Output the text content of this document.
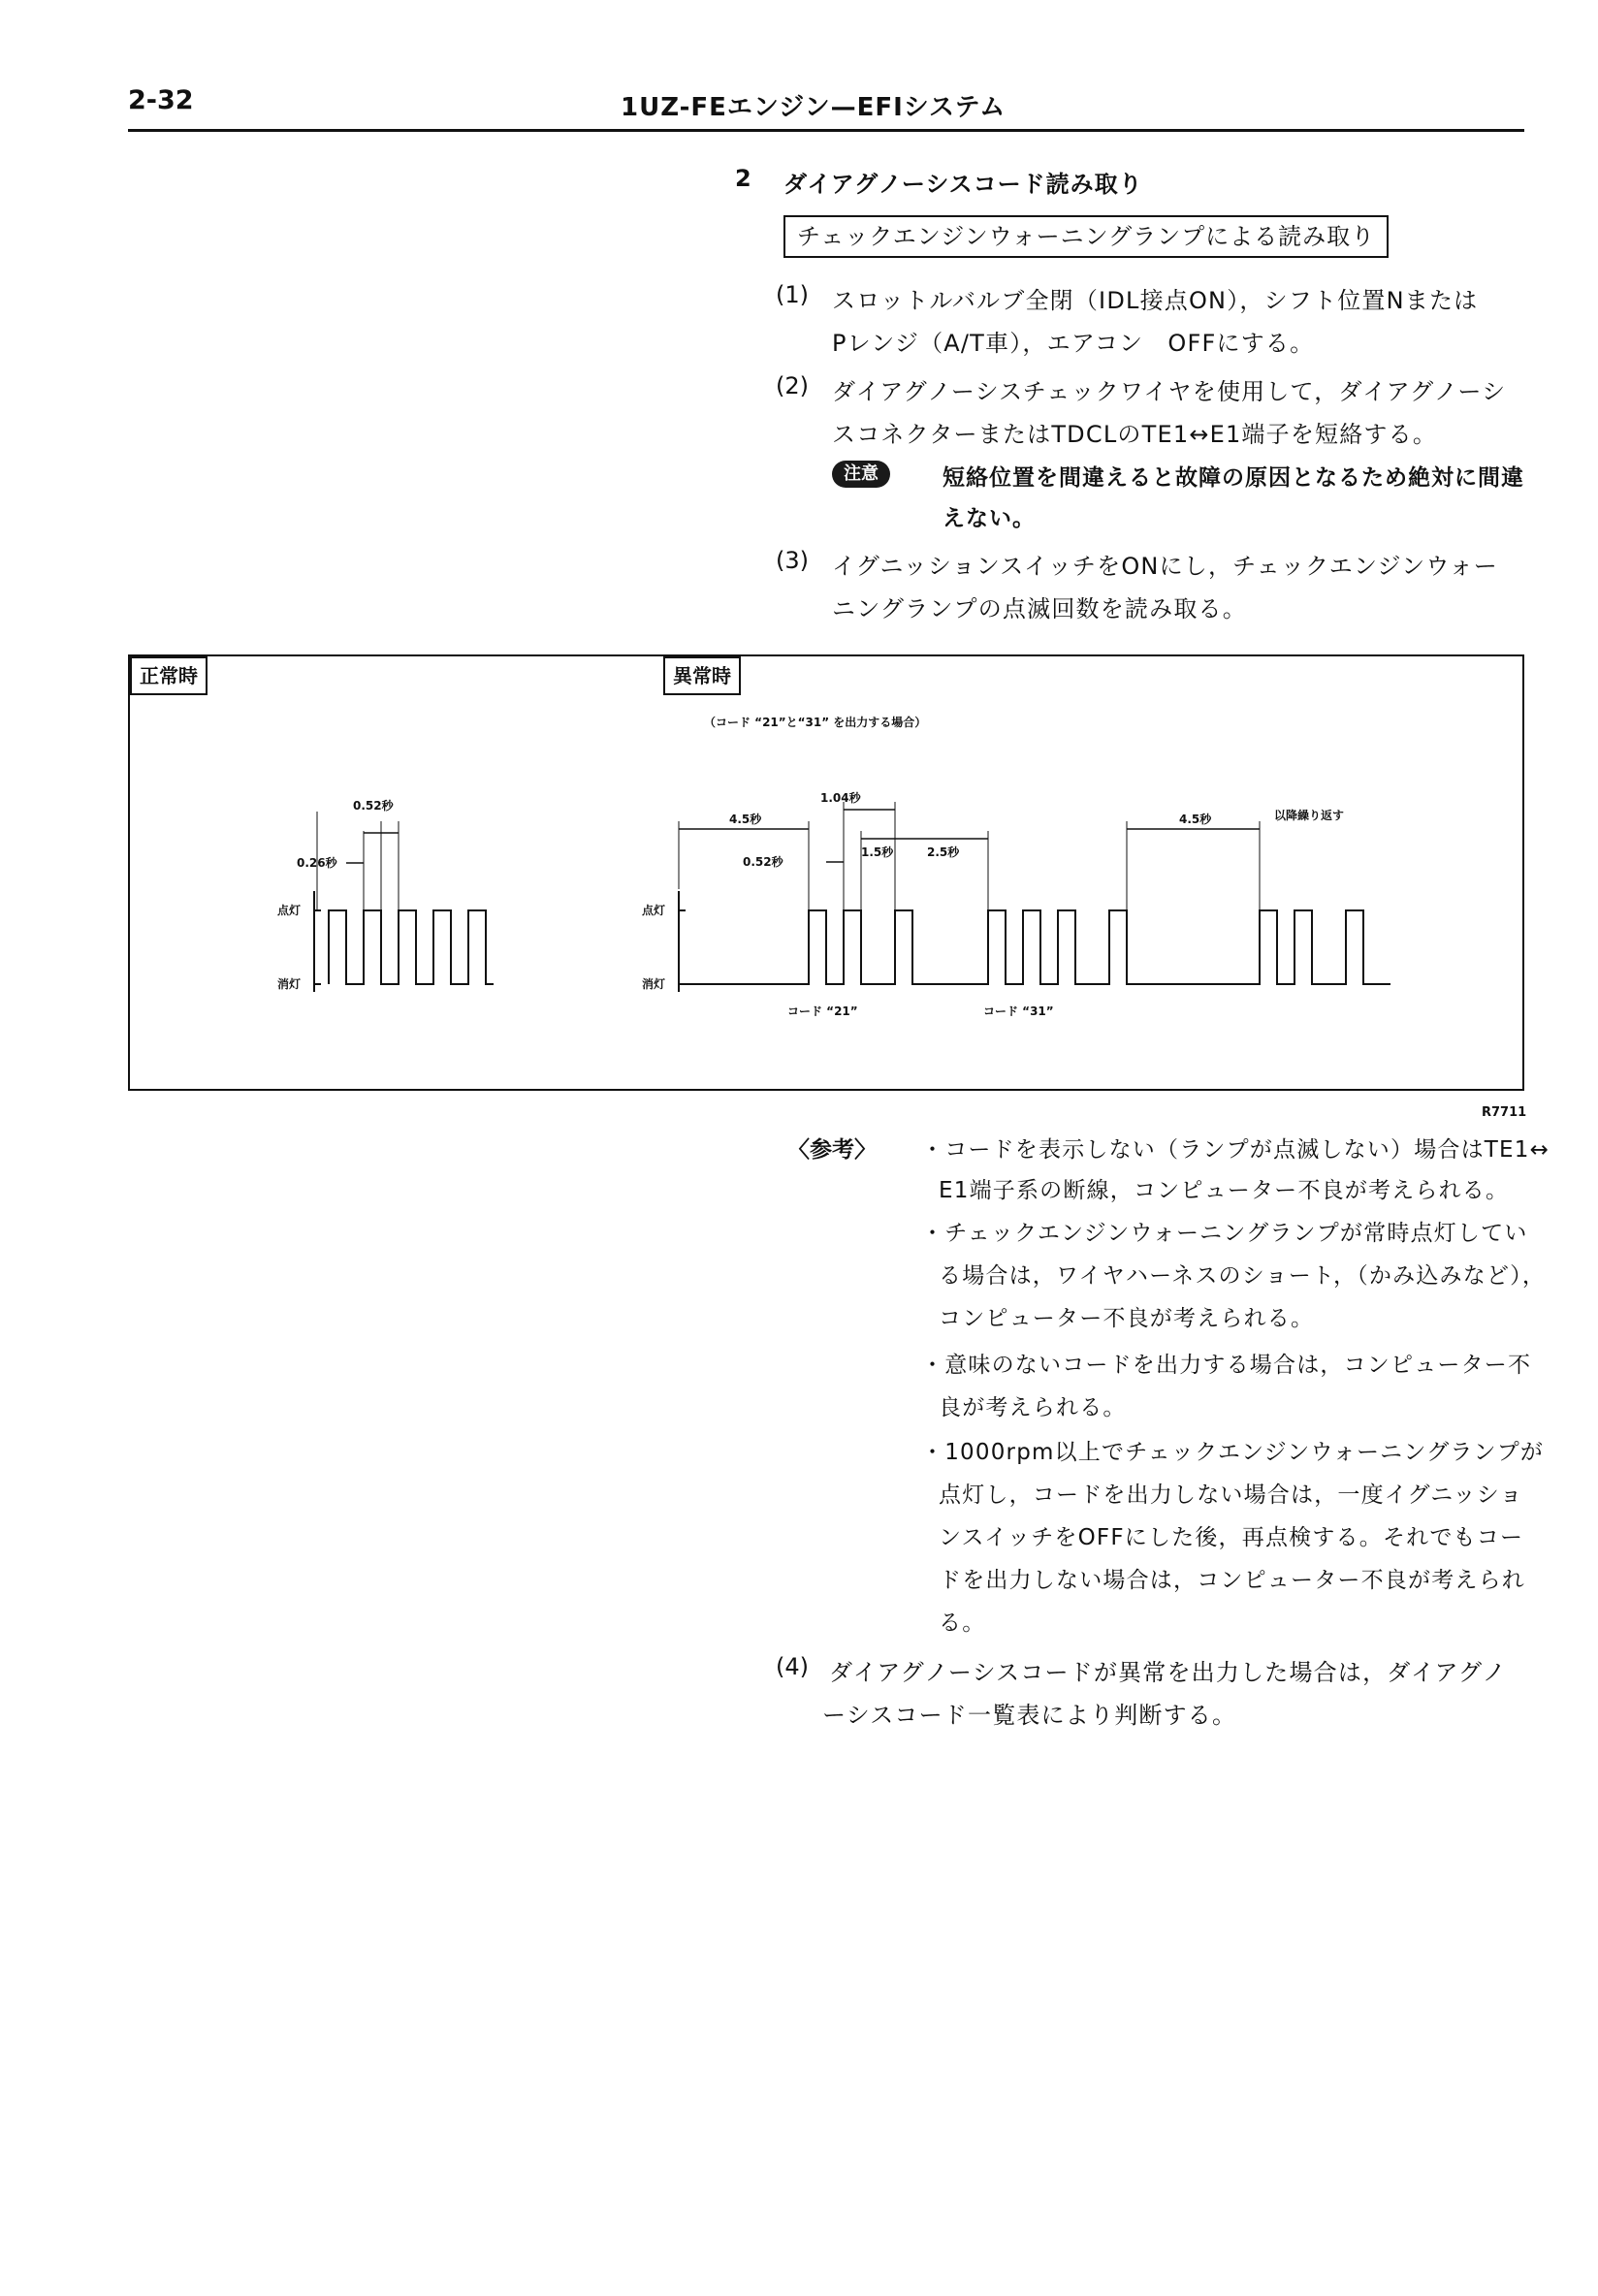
2-32	1UZ-FEエンジン—EFIシステム
2 ダイアグノーシスコード読み取り
チェックエンジンウォーニングランプによる読み取り
(1) スロットルバルブ全閉（IDL接点ON），シフト位置Nまたは
Pレンジ（A/T車），エアコン　OFFにする。
(2) ダイアグノーシスチェックワイヤを使用して，ダイアグノーシ
スコネクターまたはTDCLのTE1↔E1端子を短絡する。
注意	短絡位置を間違えると故障の原因となるため絶対に間違
えない。
(3) イグニッションスイッチをONにし，チェックエンジンウォー
ニングランプの点滅回数を読み取る。
0.52秒
0.26秒
点灯
消灯
（コード “21”と“31” を出力する場合）
4.5秒
1.04秒
0.52秒
1.5秒	2.5秒
4.5秒	以降繰り返す
点灯
消灯
コード “21”	コード “31”
正常時	異常時
R7711
〈参考〉 ・コードを表示しない（ランプが点滅しない）場合はTE1↔
E1端子系の断線，コンピューター不良が考えられる。
・チェックエンジンウォーニングランプが常時点灯してい
る場合は，ワイヤハーネスのショート，（かみ込みなど），
コンピューター不良が考えられる。
・意味のないコードを出力する場合は，コンピューター不
良が考えられる。
・1000rpm以上でチェックエンジンウォーニングランプが
点灯し，コードを出力しない場合は，一度イグニッショ
ンスイッチをOFFにした後，再点検する。それでもコー
ドを出力しない場合は，コンピューター不良が考えられ
る。
(4) ダイアグノーシスコードが異常を出力した場合は，ダイアグノ
ーシスコード一覧表により判断する。
